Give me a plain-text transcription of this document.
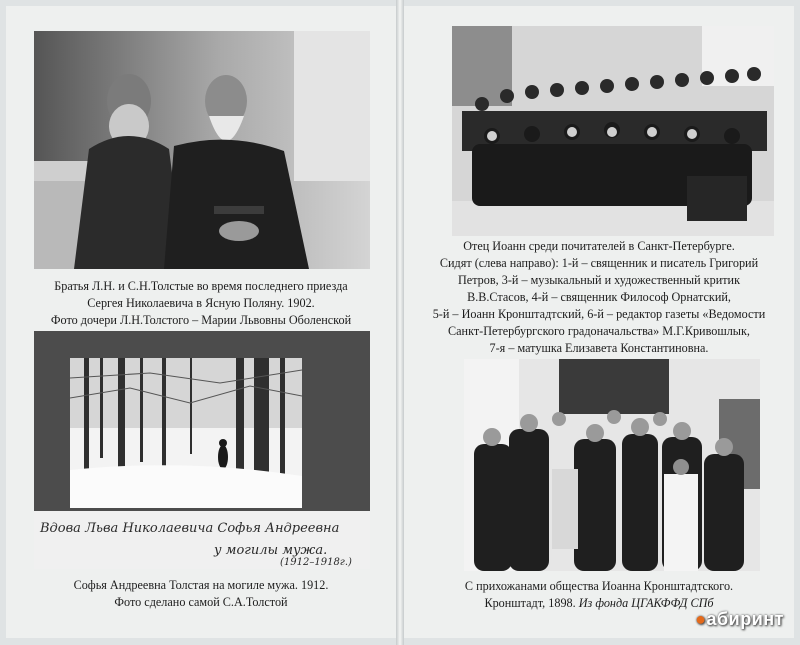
Братья Л.Н. и С.Н.Толстые во время последнего приезда
Сергея Николаевича в Ясную Поляну. 1902.
Фото дочери Л.Н.Толстого – Марии Львовны Оболенской
Вдова Льва Николаевича Софья Андреевна
у могилы мужа.
(1912–1918г.)
Софья Андреевна Толстая на могиле мужа. 1912.
Фото сделано самой С.А.Толстой
Отец Иоанн среди почитателей в Санкт-Петербурге.
Сидят (слева направо): 1-й – священник и писатель Григорий
Петров, 3-й – музыкальный и художественный критик
В.В.Стасов, 4-й – священник Философ Орнатский,
5-й – Иоанн Кронштадтский, 6-й – редактор газеты «Ведомости
Санкт-Петербургского градоначальства» М.Г.Кривошлык,
7-я – матушка Елизавета Константиновна.
С прихожанами общества Иоанна Кронштадтского.
Кронштадт, 1898. Из фонда ЦГАКФФД СПб
●абиринт
